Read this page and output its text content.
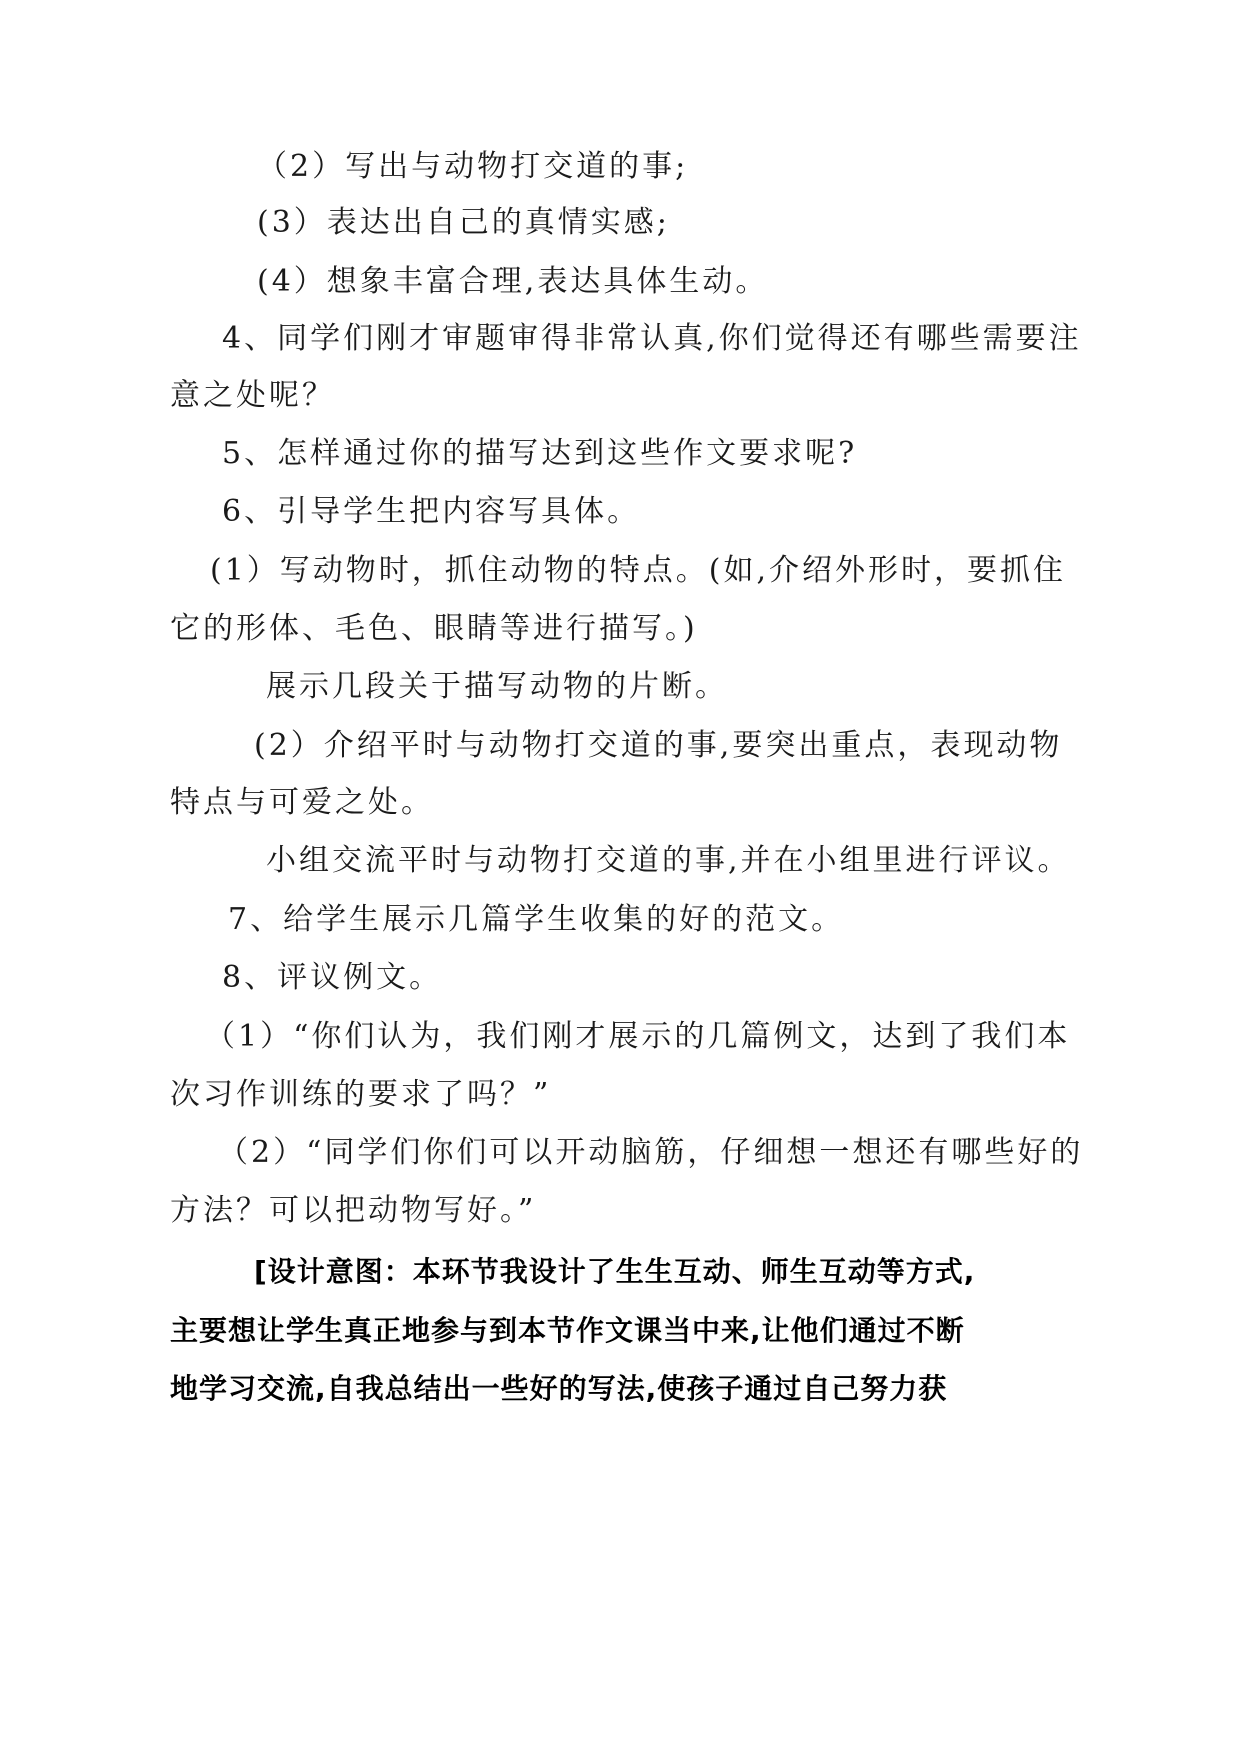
（2）写出与动物打交道的事;
(3）表达出自己的真情实感;
(4）想象丰富合理,表达具体生动。
4、同学们刚才审题审得非常认真,你们觉得还有哪些需要注
意之处呢？
5、怎样通过你的描写达到这些作文要求呢?
6、引导学生把内容写具体。
(1）写动物时，抓住动物的特点。(如,介绍外形时，要抓住
它的形体、毛色、眼睛等进行描写。)
展示几段关于描写动物的片断。
(2）介绍平时与动物打交道的事,要突出重点，表现动物
特点与可爱之处。
小组交流平时与动物打交道的事,并在小组里进行评议。
7、给学生展示几篇学生收集的好的范文。
8、评议例文。
（1）“你们认为，我们刚才展示的几篇例文，达到了我们本
次习作训练的要求了吗？”
（2）“同学们你们可以开动脑筋，仔细想一想还有哪些好的
方法？可以把动物写好。”
[设计意图：本环节我设计了生生互动、师生互动等方式,
主要想让学生真正地参与到本节作文课当中来,让他们通过不断
地学习交流,自我总结出一些好的写法,使孩子通过自己努力获
